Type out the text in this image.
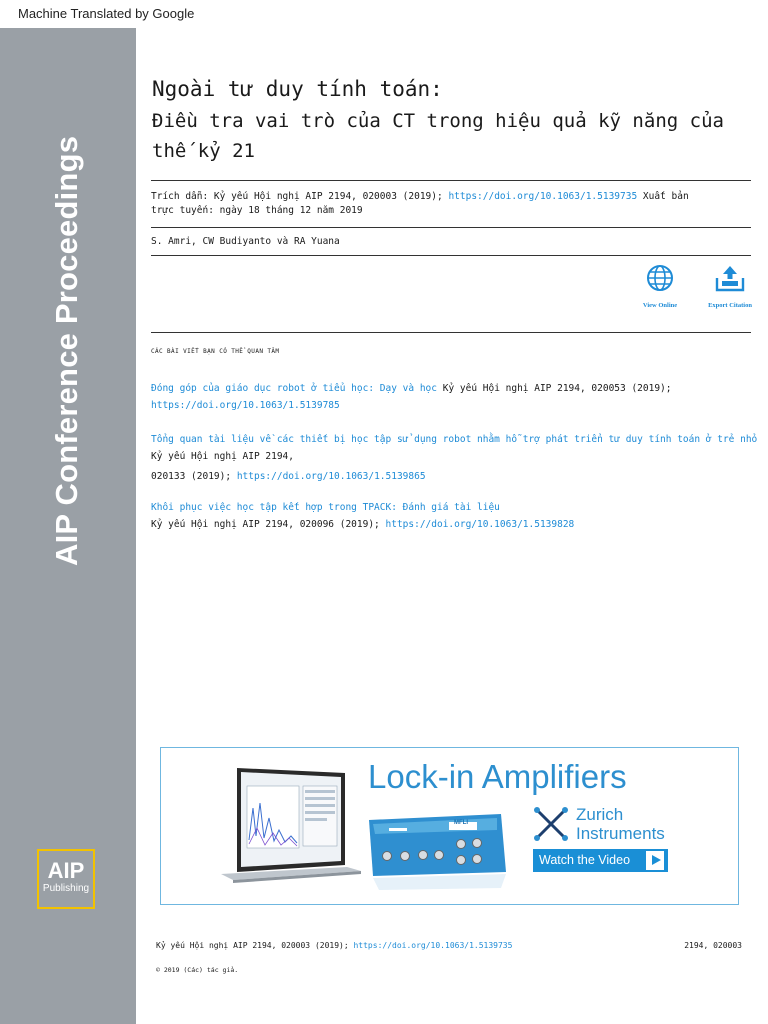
Machine Translated by Google
AIP Conference Proceedings
AIP
Publishing
Ngoài tư duy tính toán:
Điều tra vai trò của CT trong hiệu quả kỹ năng của
thế kỷ 21
Trích dẫn: Kỷ yếu Hội nghị AIP 2194, 020003 (2019); https://doi.org/10.1063/1.5139735 Xuất bản
trực tuyến: ngày 18 tháng 12 năm 2019
S. Amri, CW Budiyanto và RA Yuana
View Online	Export Citation
CÁC BÀI VIẾT BẠN CÓ THỂ QUAN TÂM
Đóng góp của giáo dục robot ở tiểu học: Dạy và học Kỷ yếu Hội nghị AIP 2194, 020053 (2019);
https://doi.org/10.1063/1.5139785
Tổng quan tài liệu về các thiết bị học tập sử dụng robot nhằm hỗ trợ phát triển tư duy tính toán ở trẻ nhỏ
Kỷ yếu Hội nghị AIP 2194,
020133 (2019); https://doi.org/10.1063/1.5139865
Khôi phục việc học tập kết hợp trong TPACK: Đánh giá tài liệu
Kỷ yếu Hội nghị AIP 2194, 020096 (2019); https://doi.org/10.1063/1.5139828
MFLI
Lock-in Amplifiers
Zurich
Instruments
Watch the Video
Kỷ yếu Hội nghị AIP 2194, 020003 (2019); https://doi.org/10.1063/1.5139735	2194, 020003
© 2019 (Các) tác giả.
